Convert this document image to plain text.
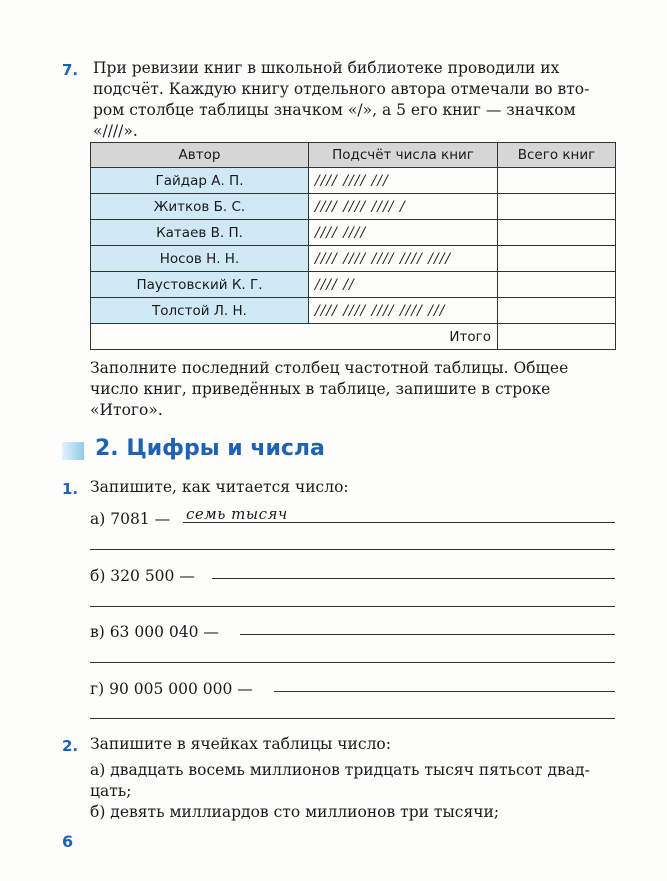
7. При ревизии книг в школьной библиотеке проводили их
подсчёт. Каждую книгу отдельного автора отмечали во вто-
ром столбце таблицы значком «/», а 5 его книг — значком
«////».
Автор	Подсчёт числа книг	Всего книг
Гайдар А. П.	//// //// ///	
Житков Б. С.	//// //// //// /	
Катаев В. П.	//// ////	
Носов Н. Н.	//// //// //// //// ////	
Паустовский К. Г.	//// //	
Толстой Л. Н.	//// //// //// //// ///	
Итого		
Заполните последний столбец частотной таблицы. Общее
число книг, приведённых в таблице, запишите в строке
«Итого».
2. Цифры и числа
1. Запишите, как читается число:
а) 7081 — семь тысяч
б) 320 500 —
в) 63 000 040 —
г) 90 005 000 000 —
2. Запишите в ячейках таблицы число:
а) двадцать восемь миллионов тридцать тысяч пятьсот двад-
цать;
б) девять миллиардов сто миллионов три тысячи;
6
